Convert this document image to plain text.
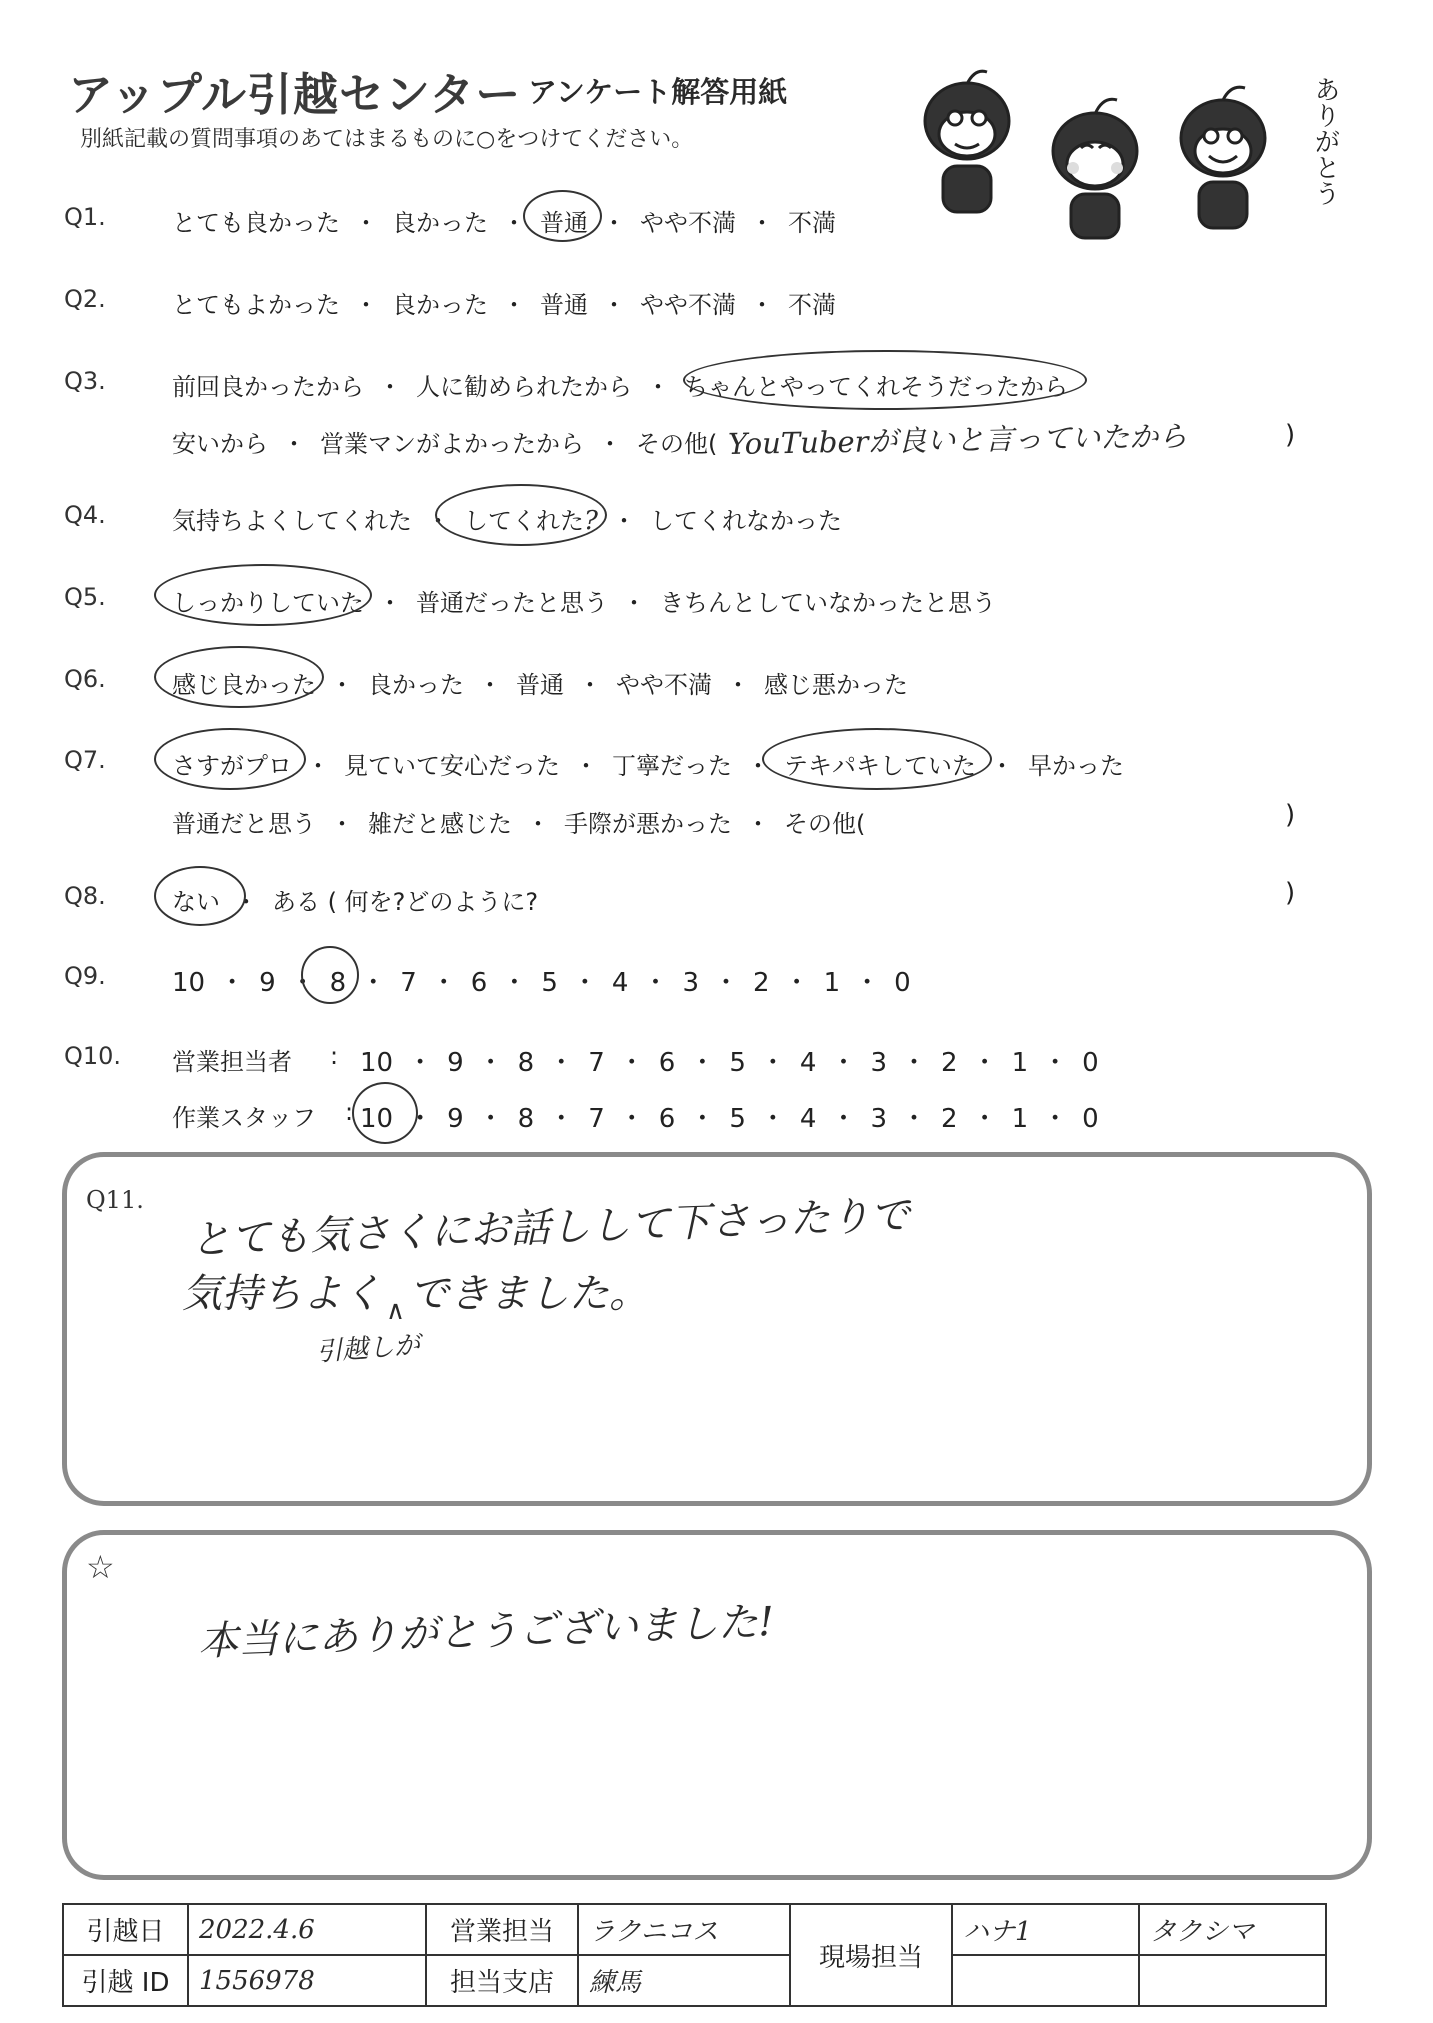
アップル引越センター アンケート解答用紙
別紙記載の質問事項のあてはまるものに○をつけてください。	ありがとう
Q1.	とても良かった ・ 良かった ・ 普通 ・ やや不満 ・ 不満
Q2.	とてもよかった ・ 良かった ・ 普通 ・ やや不満 ・ 不満
Q3.	前回良かったから ・ 人に勧められたから ・ ちゃんとやってくれそうだったから
安いから ・ 営業マンがよかったから ・ その他( YouTuberが良いと言っていたから	)
Q4.	気持ちよくしてくれた ・ してくれた? ・ してくれなかった
Q5.	しっかりしていた ・ 普通だったと思う ・ きちんとしていなかったと思う
Q6.	感じ良かった ・ 良かった ・ 普通 ・ やや不満 ・ 感じ悪かった
Q7.	さすがプロ ・ 見ていて安心だった ・ 丁寧だった ・ テキパキしていた ・ 早かった
普通だと思う ・ 雑だと感じた ・ 手際が悪かった ・ その他(	)
Q8.	ない ・ ある ( 何を?どのように?	)
Q9.	10 ・ 9 ・ 8 ・ 7 ・ 6 ・ 5 ・ 4 ・ 3 ・ 2 ・ 1 ・ 0
Q10. 営業担当者 : 10 ・ 9 ・ 8 ・ 7 ・ 6 ・ 5 ・ 4 ・ 3 ・ 2 ・ 1 ・ 0
作業スタッフ : 10 ・ 9 ・ 8 ・ 7 ・ 6 ・ 5 ・ 4 ・ 3 ・ 2 ・ 1 ・ 0
Q11. とても気さくにお話しして下さったりで
気持ちよく $_\wedge$ できました。
引越しが
☆
本当にありがとうございました!
引越日	2022.4.6	営業担当	ラクニコス	現場担当	ハナ1	タクシマ
引越 ID	1556978	担当支店	練馬			
